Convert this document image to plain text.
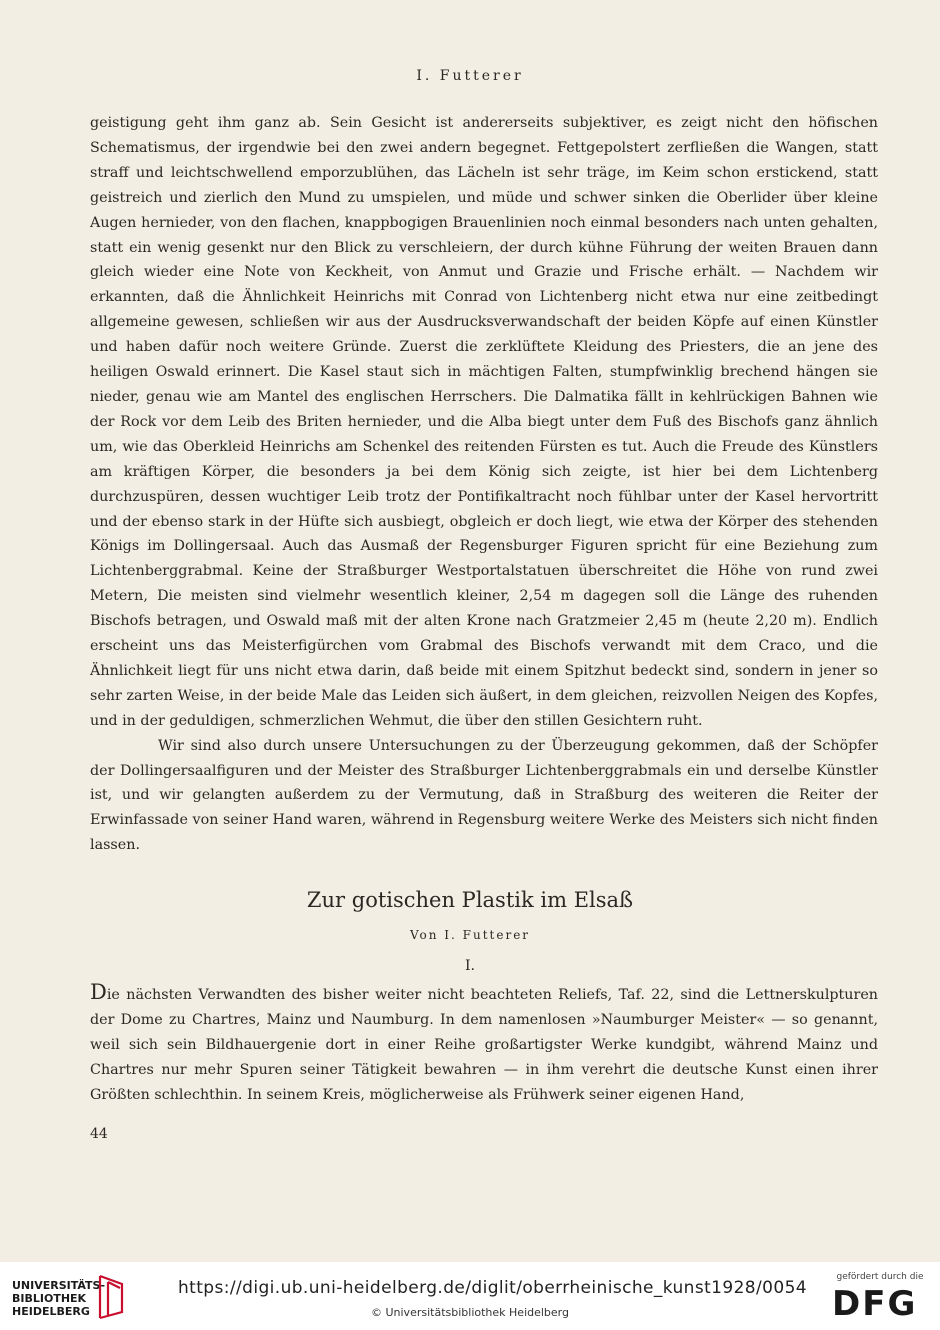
I. Futterer

geistigung geht ihm ganz ab. Sein Gesicht ist andererseits subjektiver, es zeigt nicht den höfischen Schematismus, der irgendwie bei den zwei andern begegnet. Fettgepolstert zerfließen die Wangen, statt straff und leichtschwellend emporzublühen, das Lächeln ist sehr träge, im Keim schon erstickend, statt geistreich und zierlich den Mund zu umspielen, und müde und schwer sinken die Oberlider über kleine Augen hernieder, von den flachen, knappbogigen Brauenlinien noch einmal besonders nach unten gehalten, statt ein wenig gesenkt nur den Blick zu verschleiern, der durch kühne Führung der weiten Brauen dann gleich wieder eine Note von Keckheit, von Anmut und Grazie und Frische erhält. — Nachdem wir erkannten, daß die Ähnlichkeit Heinrichs mit Conrad von Lichtenberg nicht etwa nur eine zeitbedingt allgemeine gewesen, schließen wir aus der Ausdrucksverwandschaft der beiden Köpfe auf einen Künstler und haben dafür noch weitere Gründe. Zuerst die zerklüftete Kleidung des Priesters, die an jene des heiligen Oswald erinnert. Die Kasel staut sich in mächtigen Falten, stumpfwinklig brechend hängen sie nieder, genau wie am Mantel des englischen Herrschers. Die Dalmatika fällt in kehlrückigen Bahnen wie der Rock vor dem Leib des Briten hernieder, und die Alba biegt unter dem Fuß des Bischofs ganz ähnlich um, wie das Oberkleid Heinrichs am Schenkel des reitenden Fürsten es tut. Auch die Freude des Künstlers am kräftigen Körper, die besonders ja bei dem König sich zeigte, ist hier bei dem Lichtenberg durchzuspüren, dessen wuchtiger Leib trotz der Pontifikaltracht noch fühlbar unter der Kasel hervortritt und der ebenso stark in der Hüfte sich ausbiegt, obgleich er doch liegt, wie etwa der Körper des stehenden Königs im Dollingersaal. Auch das Ausmaß der Regensburger Figuren spricht für eine Beziehung zum Lichtenberggrabmal. Keine der Straßburger Westportalstatuen überschreitet die Höhe von rund zwei Metern, Die meisten sind vielmehr wesentlich kleiner, 2,54 m dagegen soll die Länge des ruhenden Bischofs betragen, und Oswald maß mit der alten Krone nach Gratzmeier 2,45 m (heute 2,20 m). Endlich erscheint uns das Meisterfigürchen vom Grabmal des Bischofs verwandt mit dem Craco, und die Ähnlichkeit liegt für uns nicht etwa darin, daß beide mit einem Spitzhut bedeckt sind, sondern in jener so sehr zarten Weise, in der beide Male das Leiden sich äußert, in dem gleichen, reizvollen Neigen des Kopfes, und in der geduldigen, schmerzlichen Wehmut, die über den stillen Gesichtern ruht.

Wir sind also durch unsere Untersuchungen zu der Überzeugung gekommen, daß der Schöpfer der Dollingersaalfiguren und der Meister des Straßburger Lichtenberggrabmals ein und derselbe Künstler ist, und wir gelangten außerdem zu der Vermutung, daß in Straßburg des weiteren die Reiter der Erwinfassade von seiner Hand waren, während in Regensburg weitere Werke des Meisters sich nicht finden lassen.

Zur gotischen Plastik im Elsaß
Von I. Futterer
I.

Die nächsten Verwandten des bisher weiter nicht beachteten Reliefs, Taf. 22, sind die Lettnerskulpturen der Dome zu Chartres, Mainz und Naumburg. In dem namenlosen »Naumburger Meister« — so genannt, weil sich sein Bildhauergenie dort in einer Reihe großartigster Werke kundgibt, während Mainz und Chartres nur mehr Spuren seiner Tätigkeit bewahren — in ihm verehrt die deutsche Kunst einen ihrer Größten schlechthin. In seinem Kreis, möglicherweise als Frühwerk seiner eigenen Hand,

44
UNIVERSITÄTS-
BIBLIOTHEK
HEIDELBERG
https://digi.ub.uni-heidelberg.de/diglit/oberrheinische_kunst1928/0054
© Universitätsbibliothek Heidelberg
gefördert durch die
DFG
